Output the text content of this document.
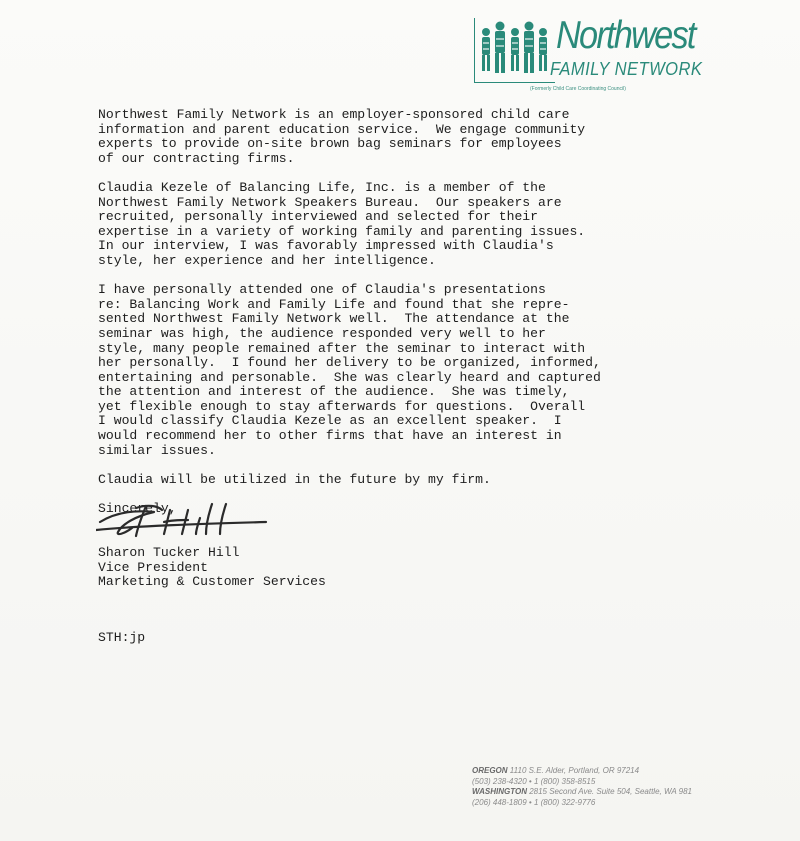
Northwest
FAMILY NETWORK
(Formerly Child Care Coordinating Council)

Northwest Family Network is an employer-sponsored child care
information and parent education service.  We engage community
experts to provide on-site brown bag seminars for employees
of our contracting firms.

Claudia Kezele of Balancing Life, Inc. is a member of the
Northwest Family Network Speakers Bureau.  Our speakers are
recruited, personally interviewed and selected for their
expertise in a variety of working family and parenting issues.
In our interview, I was favorably impressed with Claudia's
style, her experience and her intelligence.

I have personally attended one of Claudia's presentations
re: Balancing Work and Family Life and found that she repre-
sented Northwest Family Network well.  The attendance at the
seminar was high, the audience responded very well to her
style, many people remained after the seminar to interact with
her personally.  I found her delivery to be organized, informed,
entertaining and personable.  She was clearly heard and captured
the attention and interest of the audience.  She was timely,
yet flexible enough to stay afterwards for questions.  Overall
I would classify Claudia Kezele as an excellent speaker.  I
would recommend her to other firms that have an interest in
similar issues.

Claudia will be utilized in the future by my firm.

Sincerely,
Sharon Tucker Hill
Vice President
Marketing & Customer Services
STH:jp
OREGON 1110 S.E. Alder, Portland, OR 97214
(503) 238-4320 • 1 (800) 358-8515
WASHINGTON 2815 Second Ave. Suite 504, Seattle, WA 981
(206) 448-1809 • 1 (800) 322-9776
